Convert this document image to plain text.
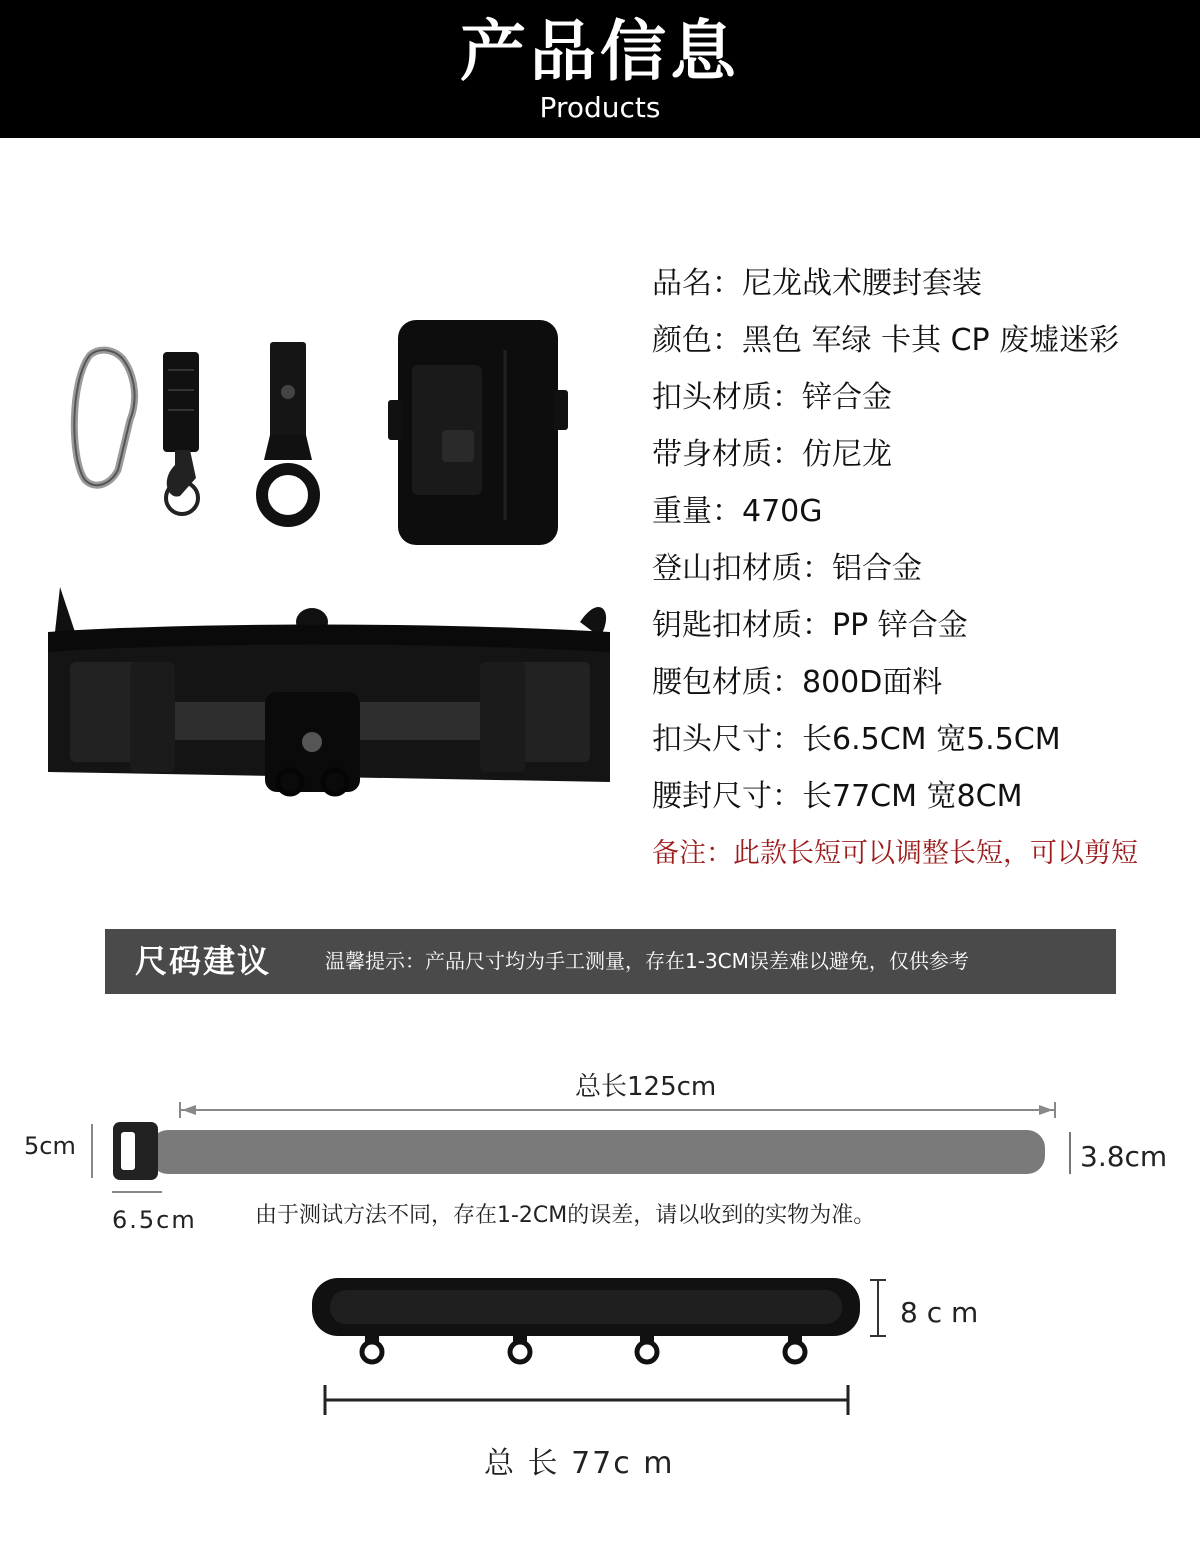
产品信息
Products
品名：尼龙战术腰封套装
颜色：黑色 军绿 卡其 CP 废墟迷彩
扣头材质：锌合金
带身材质：仿尼龙
重量：470G
登山扣材质：铝合金
钥匙扣材质：PP 锌合金
腰包材质：800D面料
扣头尺寸：长6.5CM 宽5.5CM
腰封尺寸：长77CM 宽8CM
备注：此款长短可以调整长短，可以剪短
尺码建议	温馨提示：产品尺寸均为手工测量，存在1-3CM误差难以避免，仅供参考
总长125cm
5cm	3.8cm
6.5cm	由于测试方法不同，存在1-2CM的误差，请以收到的实物为准。
8 c m
总 长 77c m
